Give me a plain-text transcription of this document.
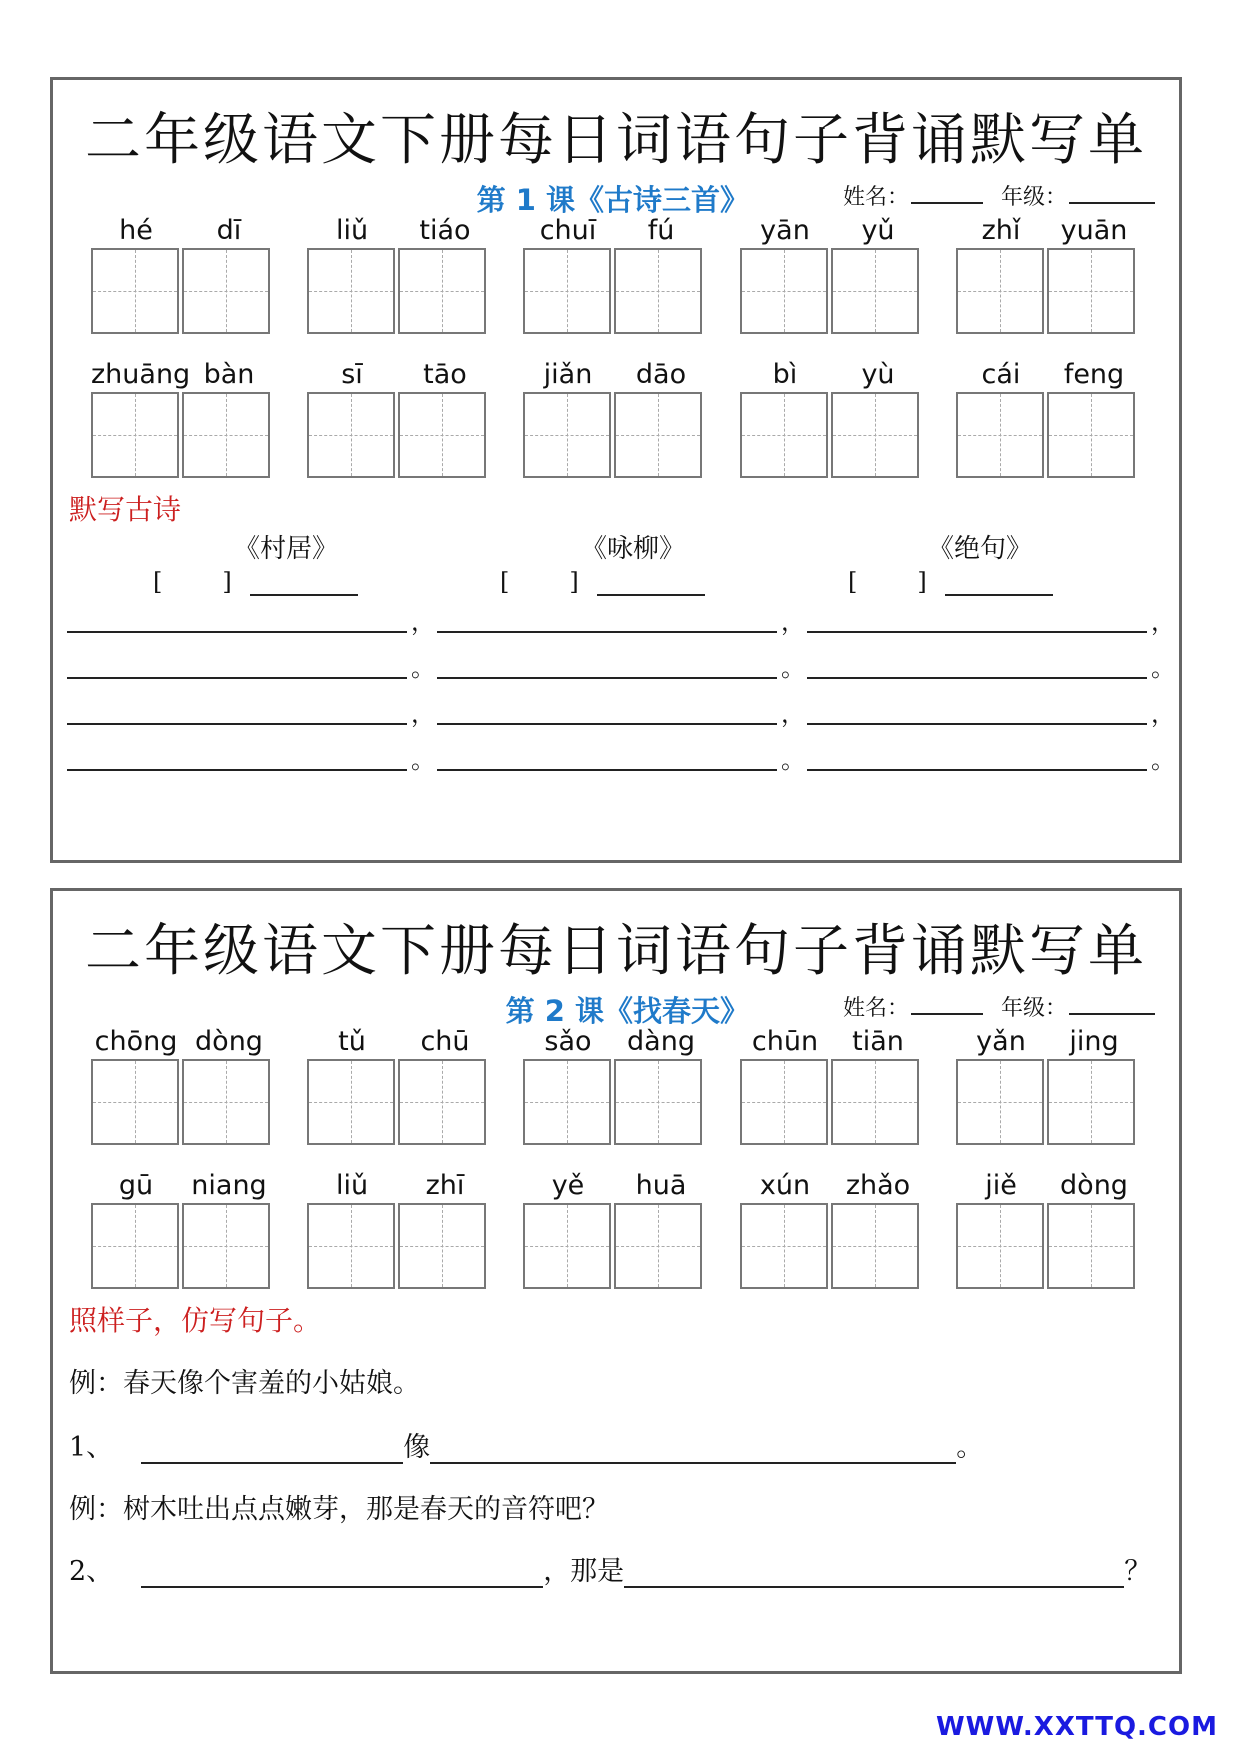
二年级语文下册每日词语句子背诵默写单
第 1 课《古诗三首》	姓名：	年级：
hé	dī	liǔ	tiáo	chuī	fú	yān	yǔ	zhǐ	yuān
zhuāng bàn	sī	tāo	jiǎn	dāo	bì	yù	cái	feng
默写古诗
《村居》	《咏柳》	《绝句》
[	]	[	]	[	]
，	，	，
。	。	。
，	，	，
。	。	。
二年级语文下册每日词语句子背诵默写单
第 2 课《找春天》	姓名：	年级：
chōng dòng	tǔ	chū	sǎo	dàng	chūn	tiān	yǎn	jing
gū	niang	liǔ	zhī	yě	huā	xún	zhǎo	jiě	dòng
照样子，仿写句子。
例：春天像个害羞的小姑娘。
1、	像	。
例：树木吐出点点嫩芽，那是春天的音符吧？
2、	，那是	？
WWW.XXTTQ.COM
